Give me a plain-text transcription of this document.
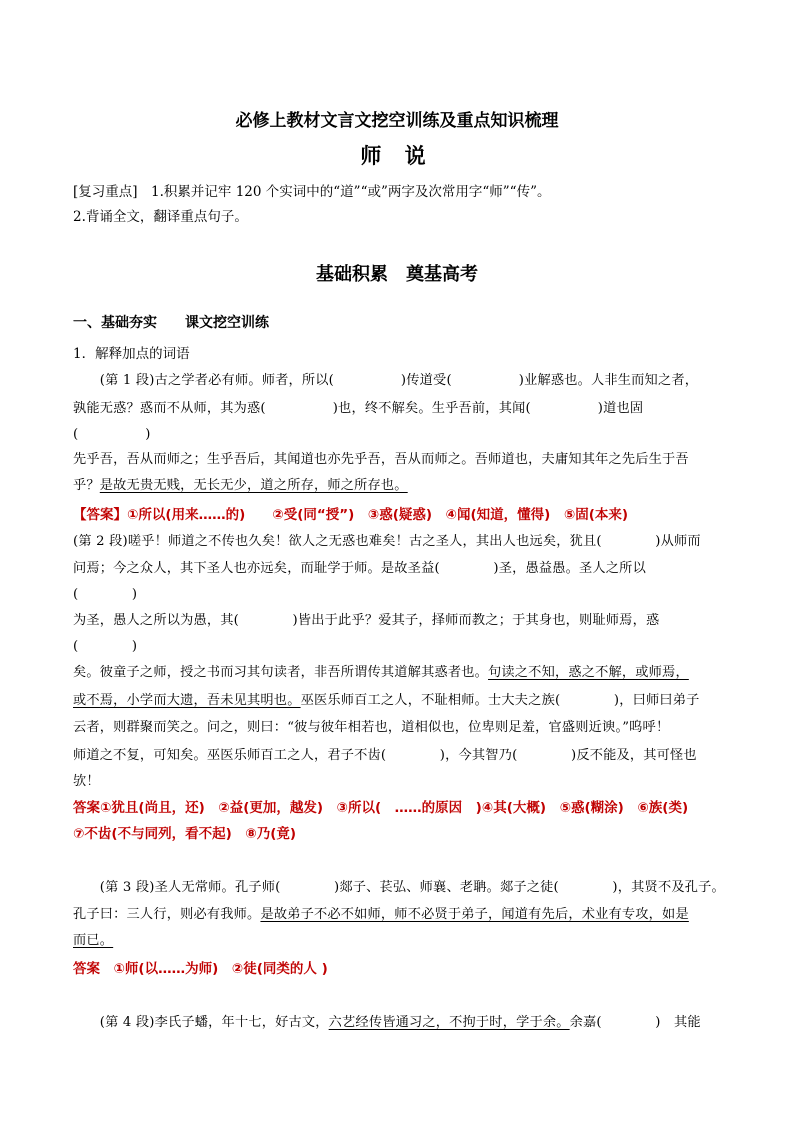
必修上教材文言文挖空训练及重点知识梳理
师 说
[复习重点]　1.积累并记牢 120 个实词中的“道”“或”两字及次常用字“师”“传”。
2.背诵全文，翻译重点句子。
基础积累　奠基高考
一、基础夯实　　课文挖空训练
1．解释加点的词语
　　(第 1 段)古之学者必有师。师者，所以(　　　　　)传道受(　　　　　)业解惑也。人非生而知之者，
孰能无惑？惑而不从师，其为惑(　　　　　)也，终不解矣。生乎吾前，其闻(　　　　　)道也固
(　　　　　)
先乎吾，吾从而师之；生乎吾后，其闻道也亦先乎吾，吾从而师之。吾师道也，夫庸知其年之先后生于吾
乎？是故无贵无贱，无长无少，道之所存，师之所存也。
【答案】①所以(用来……的)　　②受(同“授”)　③惑(疑惑)　④闻(知道，懂得)　⑤固(本来)
(第 2 段)嗟乎！师道之不传也久矣！欲人之无惑也难矣！古之圣人，其出人也远矣，犹且(　　　　)从师而
问焉；今之众人，其下圣人也亦远矣，而耻学于师。是故圣益(　　　　)圣，愚益愚。圣人之所以
(　　　　)
为圣，愚人之所以为愚，其(　　　　)皆出于此乎？爱其子，择师而教之；于其身也，则耻师焉，惑
(　　　　)
矣。彼童子之师，授之书而习其句读者，非吾所谓传其道解其惑者也。句读之不知，惑之不解，或师焉，
或不焉，小学而大遗，吾未见其明也。巫医乐师百工之人，不耻相师。士大夫之族(　　　　)，曰师曰弟子
云者，则群聚而笑之。问之，则曰：“彼与彼年相若也，道相似也，位卑则足羞，官盛则近谀。”呜呼！
师道之不复，可知矣。巫医乐师百工之人，君子不齿(　　　　)，今其智乃(　　　　)反不能及，其可怪也
欤！
答案①犹且(尚且，还)　②益(更加，越发)　③所以(　……的原因　)④其(大概)　⑤惑(糊涂)　⑥族(类)
⑦不齿(不与同列，看不起)　⑧乃(竟)
　　(第 3 段)圣人无常师。孔子师(　　　　)郯子、苌弘、师襄、老聃。郯子之徒(　　　　)，其贤不及孔子。
孔子曰：三人行，则必有我师。是故弟子不必不如师，师不必贤于弟子，闻道有先后，术业有专攻，如是
而已。
答案　①师(以……为师)　②徒(同类的人 )
　　(第 4 段)李氏子蟠，年十七，好古文，六艺经传皆通习之，不拘于时，学于余。余嘉(　　　　)　其能
